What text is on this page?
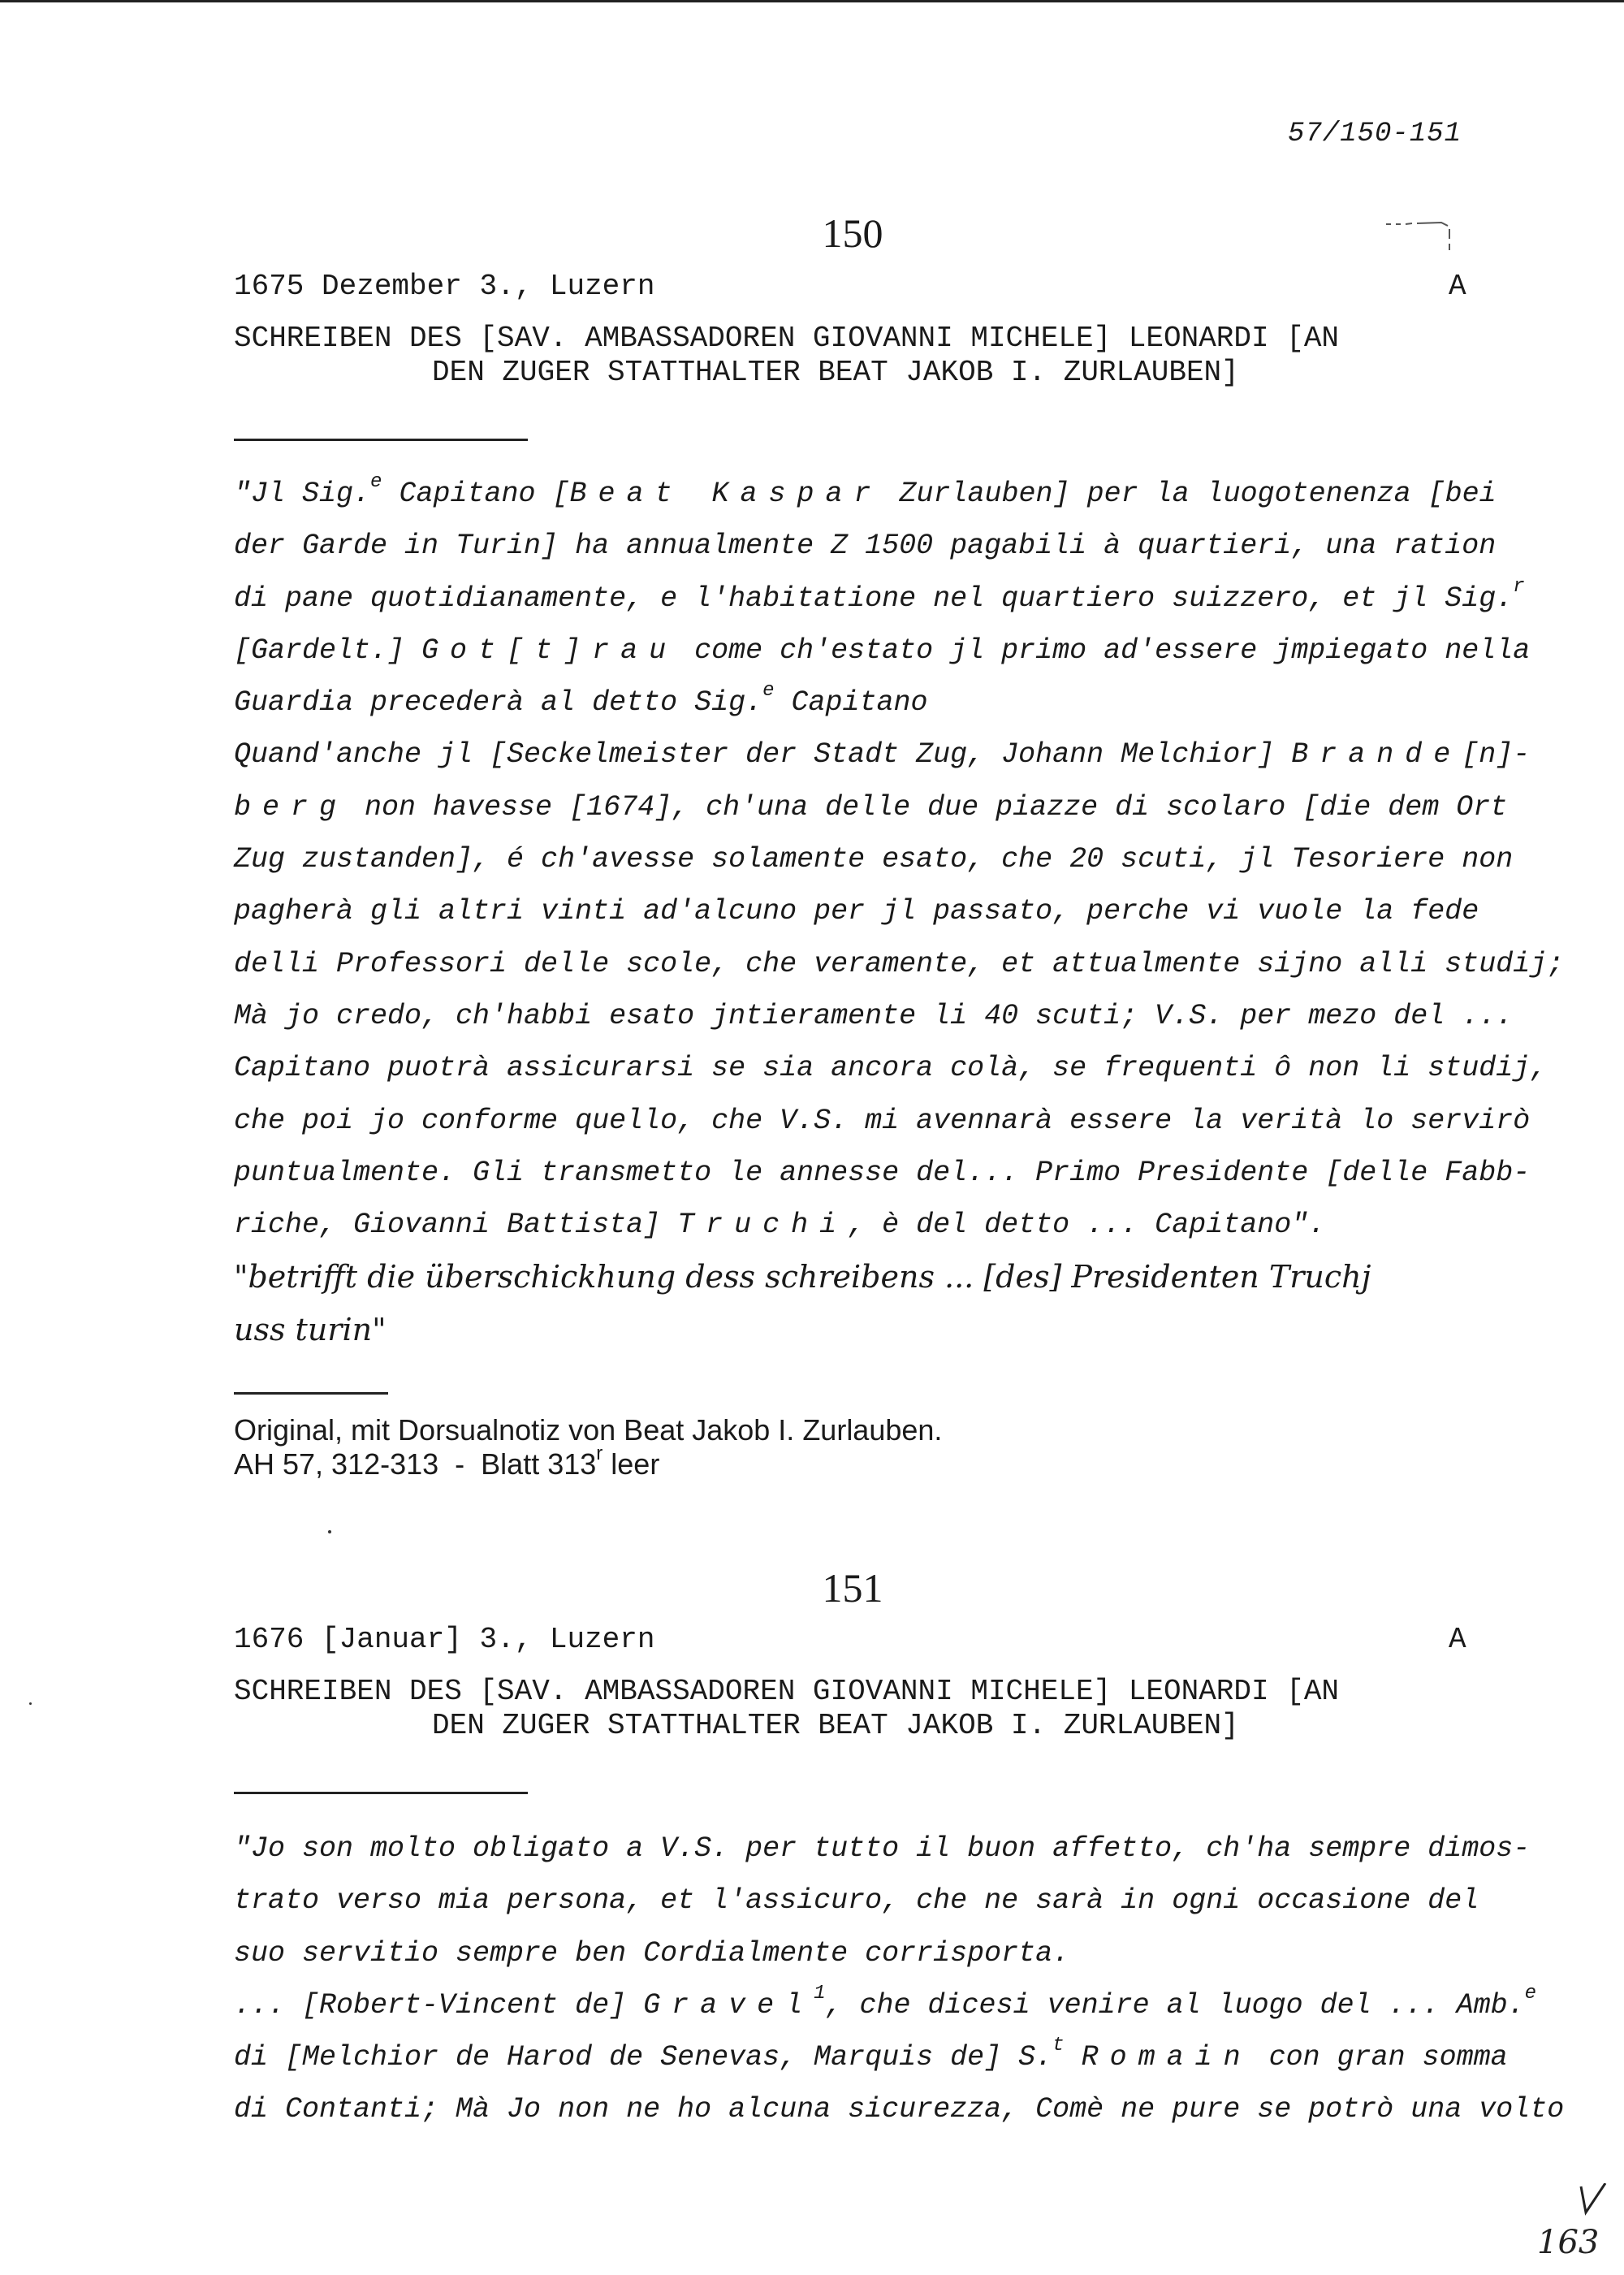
57/150-151
150
1675 Dezember 3., Luzern	A
SCHREIBEN DES [SAV. AMBASSADOREN GIOVANNI MICHELE] LEONARDI [AN
DEN ZUGER STATTHALTER BEAT JAKOB I. ZURLAUBEN]
"Jl Sig.$^e$ Capitano [Beat Kaspar Zurlauben] per la luogotenenza [bei
der Garde in Turin] ha annualmente Z 1500 pagabili à quartieri, una ration
di pane quotidianamente, e l'habitatione nel quartiero suizzero, et jl Sig.$^r$
[Gardelt.] Got[t]rau come ch'estato jl primo ad'essere jmpiegato nella
Guardia precederà al detto Sig.$^e$ Capitano
Quand'anche jl [Seckelmeister der Stadt Zug, Johann Melchior] Brande[n]-
berg non havesse [1674], ch'una delle due piazze di scolaro [die dem Ort
Zug zustanden], é ch'avesse solamente esato, che 20 scuti, jl Tesoriere non
pagherà gli altri vinti ad'alcuno per jl passato, perche vi vuole la fede
delli Professori delle scole, che veramente, et attualmente sijno alli studij;
Mà jo credo, ch'habbi esato jntieramente li 40 scuti; V.S. per mezo del ...
Capitano puotrà assicurarsi se sia ancora colà, se frequenti ô non li studij,
che poi jo conforme quello, che V.S. mi avennarà essere la verità lo servirò
puntualmente. Gli transmetto le annesse del... Primo Presidente [delle Fabb-
riche, Giovanni Battista] Truchi, è del detto ... Capitano".
"betrifft die überschickhung dess schreibens ... [des] Presidenten Truchj
uss turin"
Original, mit Dorsualnotiz von Beat Jakob I. Zurlauben.
AH 57, 312-313  -  Blatt 313$^r$ leer
151
1676 [Januar] 3., Luzern	A
SCHREIBEN DES [SAV. AMBASSADOREN GIOVANNI MICHELE] LEONARDI [AN
DEN ZUGER STATTHALTER BEAT JAKOB I. ZURLAUBEN]
"Jo son molto obligato a V.S. per tutto il buon affetto, ch'ha sempre dimos-
trato verso mia persona, et l'assicuro, che ne sarà in ogni occasione del
suo servitio sempre ben Cordialmente corrisporta.
... [Robert-Vincent de] Gravel$^1$, che dicesi venire al luogo del ... Amb.$^e$
di [Melchior de Harod de Senevas, Marquis de] S.$^t$ Romain con gran somma
di Contanti; Mà Jo non ne ho alcuna sicurezza, Comè ne pure se potrò una volto
163
